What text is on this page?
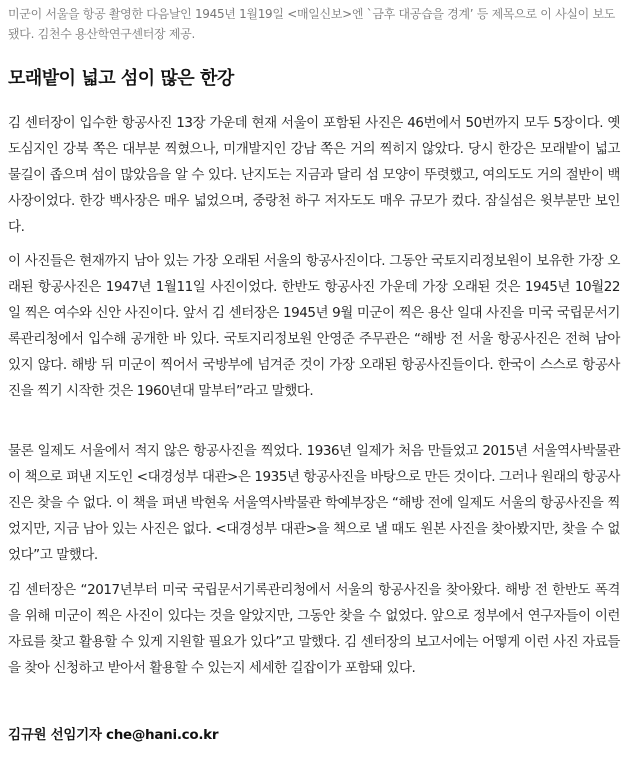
미군이 서울을 항공 촬영한 다음날인 1945년 1월19일 <매일신보>엔 `금후 대공습을 경계’ 등 제목으로 이 사실이 보도됐다. 김천수 용산학연구센터장 제공.
모래밭이 넓고 섬이 많은 한강

김 센터장이 입수한 항공사진 13장 가운데 현재 서울이 포함된 사진은 46번에서 50번까지 모두 5장이다. 옛 도심지인 강북 쪽은 대부분 찍혔으나, 미개발지인 강남 쪽은 거의 찍히지 않았다. 당시 한강은 모래밭이 넓고 물길이 좁으며 섬이 많았음을 알 수 있다. 난지도는 지금과 달리 섬 모양이 뚜렷했고, 여의도도 거의 절반이 백사장이었다. 한강 백사장은 매우 넓었으며, 중랑천 하구 저자도도 매우 규모가 컸다. 잠실섬은 윗부분만 보인다.

이 사진들은 현재까지 남아 있는 가장 오래된 서울의 항공사진이다. 그동안 국토지리정보원이 보유한 가장 오래된 항공사진은 1947년 1월11일 사진이었다. 한반도 항공사진 가운데 가장 오래된 것은 1945년 10월22일 찍은 여수와 신안 사진이다. 앞서 김 센터장은 1945년 9월 미군이 찍은 용산 일대 사진을 미국 국립문서기록관리청에서 입수해 공개한 바 있다. 국토지리정보원 안영준 주무관은 “해방 전 서울 항공사진은 전혀 남아 있지 않다. 해방 뒤 미군이 찍어서 국방부에 넘겨준 것이 가장 오래된 항공사진들이다. 한국이 스스로 항공사진을 찍기 시작한 것은 1960년대 말부터”라고 말했다.

물론 일제도 서울에서 적지 않은 항공사진을 찍었다. 1936년 일제가 처음 만들었고 2015년 서울역사박물관이 책으로 펴낸 지도인 <대경성부 대관>은 1935년 항공사진을 바탕으로 만든 것이다. 그러나 원래의 항공사진은 찾을 수 없다. 이 책을 펴낸 박현욱 서울역사박물관 학예부장은 “해방 전에 일제도 서울의 항공사진을 찍었지만, 지금 남아 있는 사진은 없다. <대경성부 대관>을 책으로 낼 때도 원본 사진을 찾아봤지만, 찾을 수 없었다”고 말했다.

김 센터장은 “2017년부터 미국 국립문서기록관리청에서 서울의 항공사진을 찾아왔다. 해방 전 한반도 폭격을 위해 미군이 찍은 사진이 있다는 것을 알았지만, 그동안 찾을 수 없었다. 앞으로 정부에서 연구자들이 이런 자료를 찾고 활용할 수 있게 지원할 필요가 있다”고 말했다. 김 센터장의 보고서에는 어떻게 이런 사진 자료들을 찾아 신청하고 받아서 활용할 수 있는지 세세한 길잡이가 포함돼 있다.

김규원 선임기자 che@hani.co.kr
